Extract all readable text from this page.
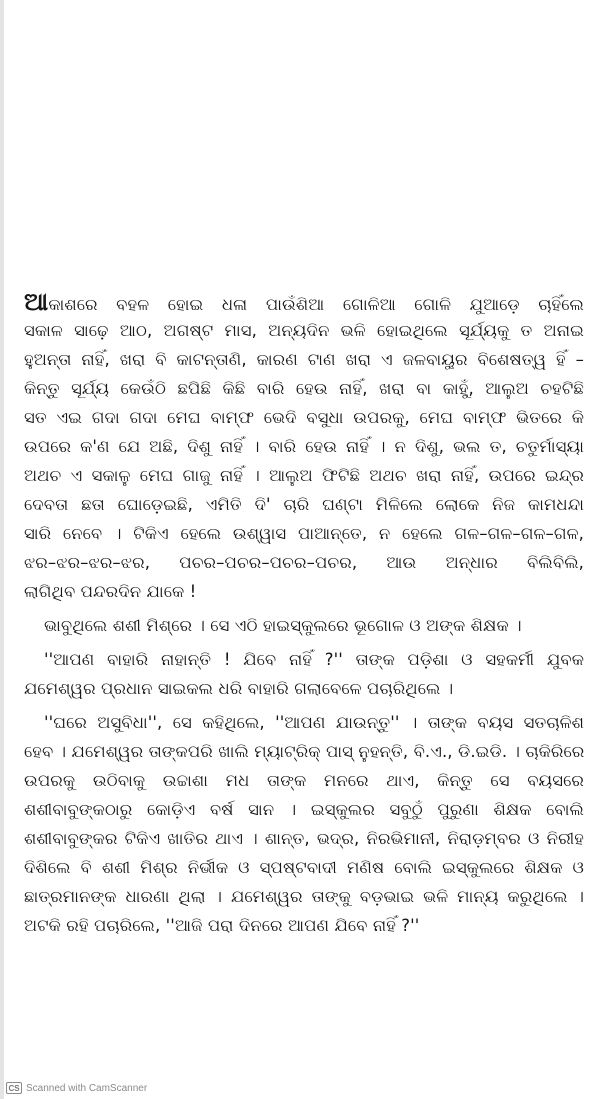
ଆକାଶରେ ବହଳ ହୋଇ ଧଳା ପାଉଁଶିଆ ଗୋଳିଆ ଗୋଳି ଯୁଆଡ଼େ ଚାହିଁଲେ
ସକାଳ ସାଢ଼େ ଆଠ, ଅଗଷ୍ଟ ମାସ, ଅନ୍ୟଦିନ ଭଳି ହୋଇଥିଲେ ସୂର୍ଯ୍ୟକୁ ତ ଅନାଇ
ହୁଅନ୍ତା ନାହିଁ, ଖରା ବି କାଟନ୍ତାଣି, କାରଣ ଟାଣ ଖରା ଏ ଜଳବାୟୁର ବିଶେଷତ୍ୱ ହିଁ –
କିନ୍ତୁ ସୂର୍ଯ୍ୟ କେଉଁଠି ଛପିଛି କିଛି ବାରି ହେଉ ନାହିଁ, ଖରା ବା କାହୁଁ, ଆଲୁଅ ଚହଟିଛି
ସତ ଏଇ ଗଦା ଗଦା ମେଘ ବାମ୍ଫ ଭେଦି ବସୁଧା ଉପରକୁ, ମେଘ ବାମ୍ଫ ଭିତରେ କି
ଉପରେ କ'ଣ ଯେ ଅଛି, ଦିଶୁ ନାହିଁ । ବାରି ହେଉ ନାହିଁ । ନ ଦିଶୁ, ଭଲ ତ, ଚତୁର୍ମାସ୍ୟା
ଅଥଚ ଏ ସକାଳୁ ମେଘ ଗାଜୁ ନାହିଁ । ଆଲୁଅ ଫିଟିଛି ଅଥଚ ଖରା ନାହିଁ, ଉପରେ ଇନ୍ଦ୍ର
ଦେବତା ଛତା ଘୋଡ଼େଇଛି, ଏମିତି ଦି' ଚାରି ଘଣ୍ଟା ମିଳିଲେ ଲୋକେ ନିଜ କାମଧନ୍ଦା
ସାରି ନେବେ । ଟିକିଏ ହେଲେ ଉଶ୍ୱାସ ପାଆନ୍ତେ, ନ ହେଲେ ଗଳ–ଗଳ–ଗଳ–ଗଳ,
ଝର–ଝର–ଝର–ଝର, ପଚର–ପଚର–ପଚର–ପଚର, ଆଉ ଅନ୍ଧାର ବିଲିବିଲି,
ଲାଗିଥିବ ପନ୍ଦରଦିନ ଯାକେ !
ଭାବୁଥିଲେ ଶଶୀ ମିଶ୍ରେ । ସେ ଏଠି ହାଇସ୍କୁଲରେ ଭୂଗୋଳ ଓ ଅଙ୍କ ଶିକ୍ଷକ ।
''ଆପଣ ବାହାରି ନାହାନ୍ତି ! ଯିବେ ନାହିଁ ?'' ତାଙ୍କ ପଡ଼ିଶା ଓ ସହକର୍ମୀ ଯୁବକ
ଯମେଶ୍ୱର ପ୍ରଧାନ ସାଇକଲ ଧରି ବାହାରି ଗଲାବେଳେ ପଚାରିଥିଲେ ।
''ଘରେ ଅସୁବିଧା'', ସେ କହିଥିଲେ, ''ଆପଣ ଯାଉନ୍ତୁ'' । ତାଙ୍କ ବୟସ ସତଚାଳିଶ
ହେବ । ଯମେଶ୍ୱର ତାଙ୍କପରି ଖାଲି ମ୍ୟାଟ୍ରିକ୍ ପାସ୍ ନୁହନ୍ତି, ବି.ଏ., ଡି.ଇଡି. । ଚାକିରିରେ
ଉପରକୁ ଉଠିବାକୁ ଉଚ୍ଚାଶା ମଧ ତାଙ୍କ ମନରେ ଥାଏ, କିନ୍ତୁ ସେ ବୟସରେ
ଶଶୀବାବୁଙ୍କଠାରୁ କୋଡ଼ିଏ ବର୍ଷ ସାନ । ଇସ୍କୁଲର ସବୁଠୁଁ ପୁରୁଣା ଶିକ୍ଷକ ବୋଲି
ଶଶୀବାବୁଙ୍କର ଟିକିଏ ଖାତିର ଥାଏ । ଶାନ୍ତ, ଭଦ୍ର, ନିରଭିମାନୀ, ନିରାଡ଼ମ୍ବର ଓ ନିରୀହ
ଦିଶିଲେ ବି ଶଶୀ ମିଶ୍ର ନିର୍ଭୀକ ଓ ସ୍ପଷ୍ଟବାଦୀ ମଣିଷ ବୋଲି ଇସ୍କୁଲରେ ଶିକ୍ଷକ ଓ
ଛାତ୍ରମାନଙ୍କ ଧାରଣା ଥିଲା । ଯମେଶ୍ୱର ତାଙ୍କୁ ବଡ଼ଭାଇ ଭଳି ମାନ୍ୟ କରୁଥିଲେ ।
ଅଟକି ରହି ପଚାରିଲେ, ''ଆଜି ପରା ଦିନରେ ଆପଣ ଯିବେ ନାହିଁ ?''
CS Scanned with CamScanner
